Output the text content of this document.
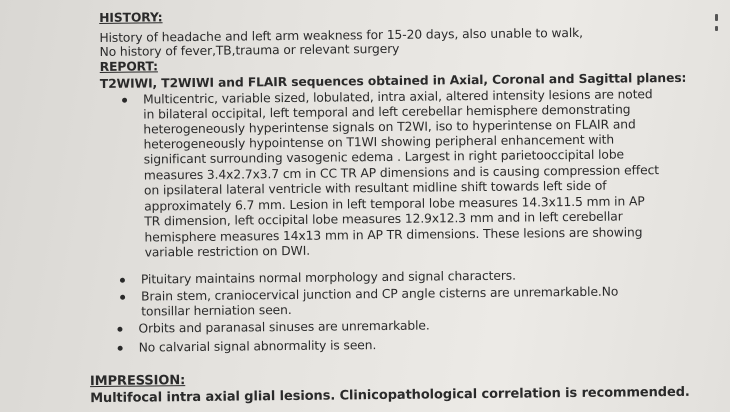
HISTORY:
History of headache and left arm weakness for 15-20 days, also unable to walk,
No history of fever,TB,trauma or relevant surgery
REPORT:
T2WIWI, T2WIWI and FLAIR sequences obtained in Axial, Coronal and Sagittal planes:
Multicentric, variable sized, lobulated, intra axial, altered intensity lesions are noted
in bilateral occipital, left temporal and left cerebellar hemisphere demonstrating
heterogeneously hyperintense signals on T2WI, iso to hyperintense on FLAIR and
heterogeneously hypointense on T1WI showing peripheral enhancement with
significant surrounding vasogenic edema . Largest in right parietooccipital lobe
measures 3.4x2.7x3.7 cm in CC TR AP dimensions and is causing compression effect
on ipsilateral lateral ventricle with resultant midline shift towards left side of
approximately 6.7 mm. Lesion in left temporal lobe measures 14.3x11.5 mm in AP
TR dimension, left occipital lobe measures 12.9x12.3 mm and in left cerebellar
hemisphere measures 14x13 mm in AP TR dimensions. These lesions are showing
variable restriction on DWI.
Pituitary maintains normal morphology and signal characters.
Brain stem, craniocervical junction and CP angle cisterns are unremarkable.No
tonsillar herniation seen.
Orbits and paranasal sinuses are unremarkable.
No calvarial signal abnormality is seen.
IMPRESSION:
Multifocal intra axial glial lesions. Clinicopathological correlation is recommended.
